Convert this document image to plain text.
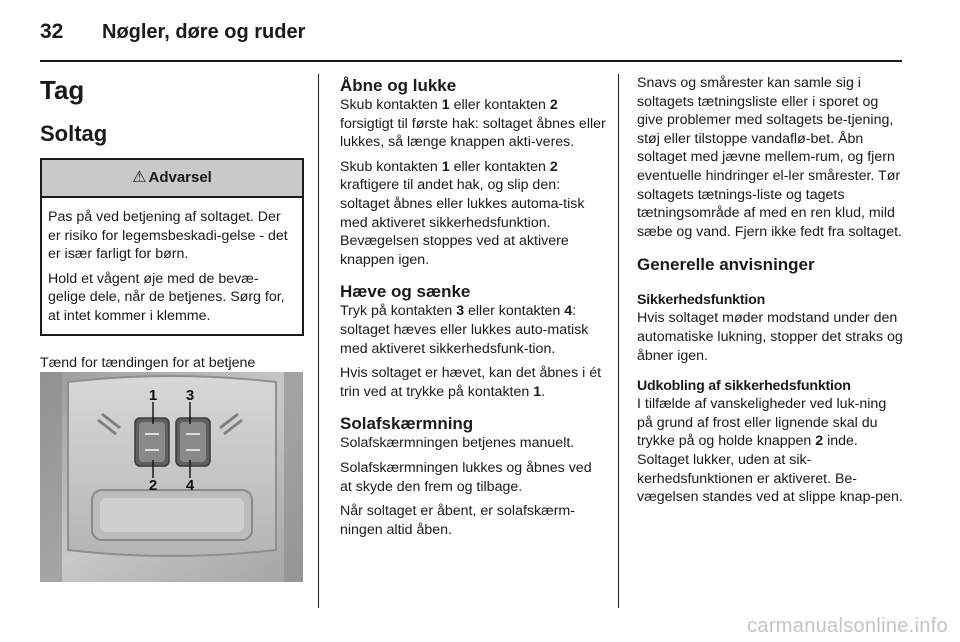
32	Nøgler, døre og ruder
Tag
Soltag
⚠ Advarsel

Pas på ved betjening af soltaget. Der er risiko for legemsbeskadi-gelse - det er især farligt for børn.

Hold et vågent øje med de bevæ-gelige dele, når de betjenes. Sørg for, at intet kommer i klemme.

Tænd for tændingen for at betjene

1 3
2 4
Åbne og lukke

Skub kontakten 1 eller kontakten 2 forsigtigt til første hak: soltaget åbnes eller lukkes, så længe knappen akti-veres.

Skub kontakten 1 eller kontakten 2 kraftigere til andet hak, og slip den: soltaget åbnes eller lukkes automa-tisk med aktiveret sikkerhedsfunktion. Bevægelsen stoppes ved at aktivere knappen igen.

Hæve og sænke

Tryk på kontakten 3 eller kontakten 4: soltaget hæves eller lukkes auto-matisk med aktiveret sikkerhedsfunk-tion.

Hvis soltaget er hævet, kan det åbnes i ét trin ved at trykke på kontakten 1.

Solafskærmning

Solafskærmningen betjenes manuelt.

Solafskærmningen lukkes og åbnes ved at skyde den frem og tilbage.

Når soltaget er åbent, er solafskærm-ningen altid åben.

Snavs og smårester kan samle sig i soltagets tætningsliste eller i sporet og give problemer med soltagets be-tjening, støj eller tilstoppe vandaflø-bet. Åbn soltaget med jævne mellem-rum, og fjern eventuelle hindringer el-ler smårester. Tør soltagets tætnings-liste og tagets tætningsområde af med en ren klud, mild sæbe og vand. Fjern ikke fedt fra soltaget.

Generelle anvisninger
Sikkerhedsfunktion

Hvis soltaget møder modstand under den automatiske lukning, stopper det straks og åbner igen.

Udkobling af sikkerhedsfunktion

I tilfælde af vanskeligheder ved luk-ning på grund af frost eller lignende skal du trykke på og holde knappen 2 inde. Soltaget lukker, uden at sik-kerhedsfunktionen er aktiveret. Be-vægelsen standes ved at slippe knap-pen.

carmanualsonline.info
